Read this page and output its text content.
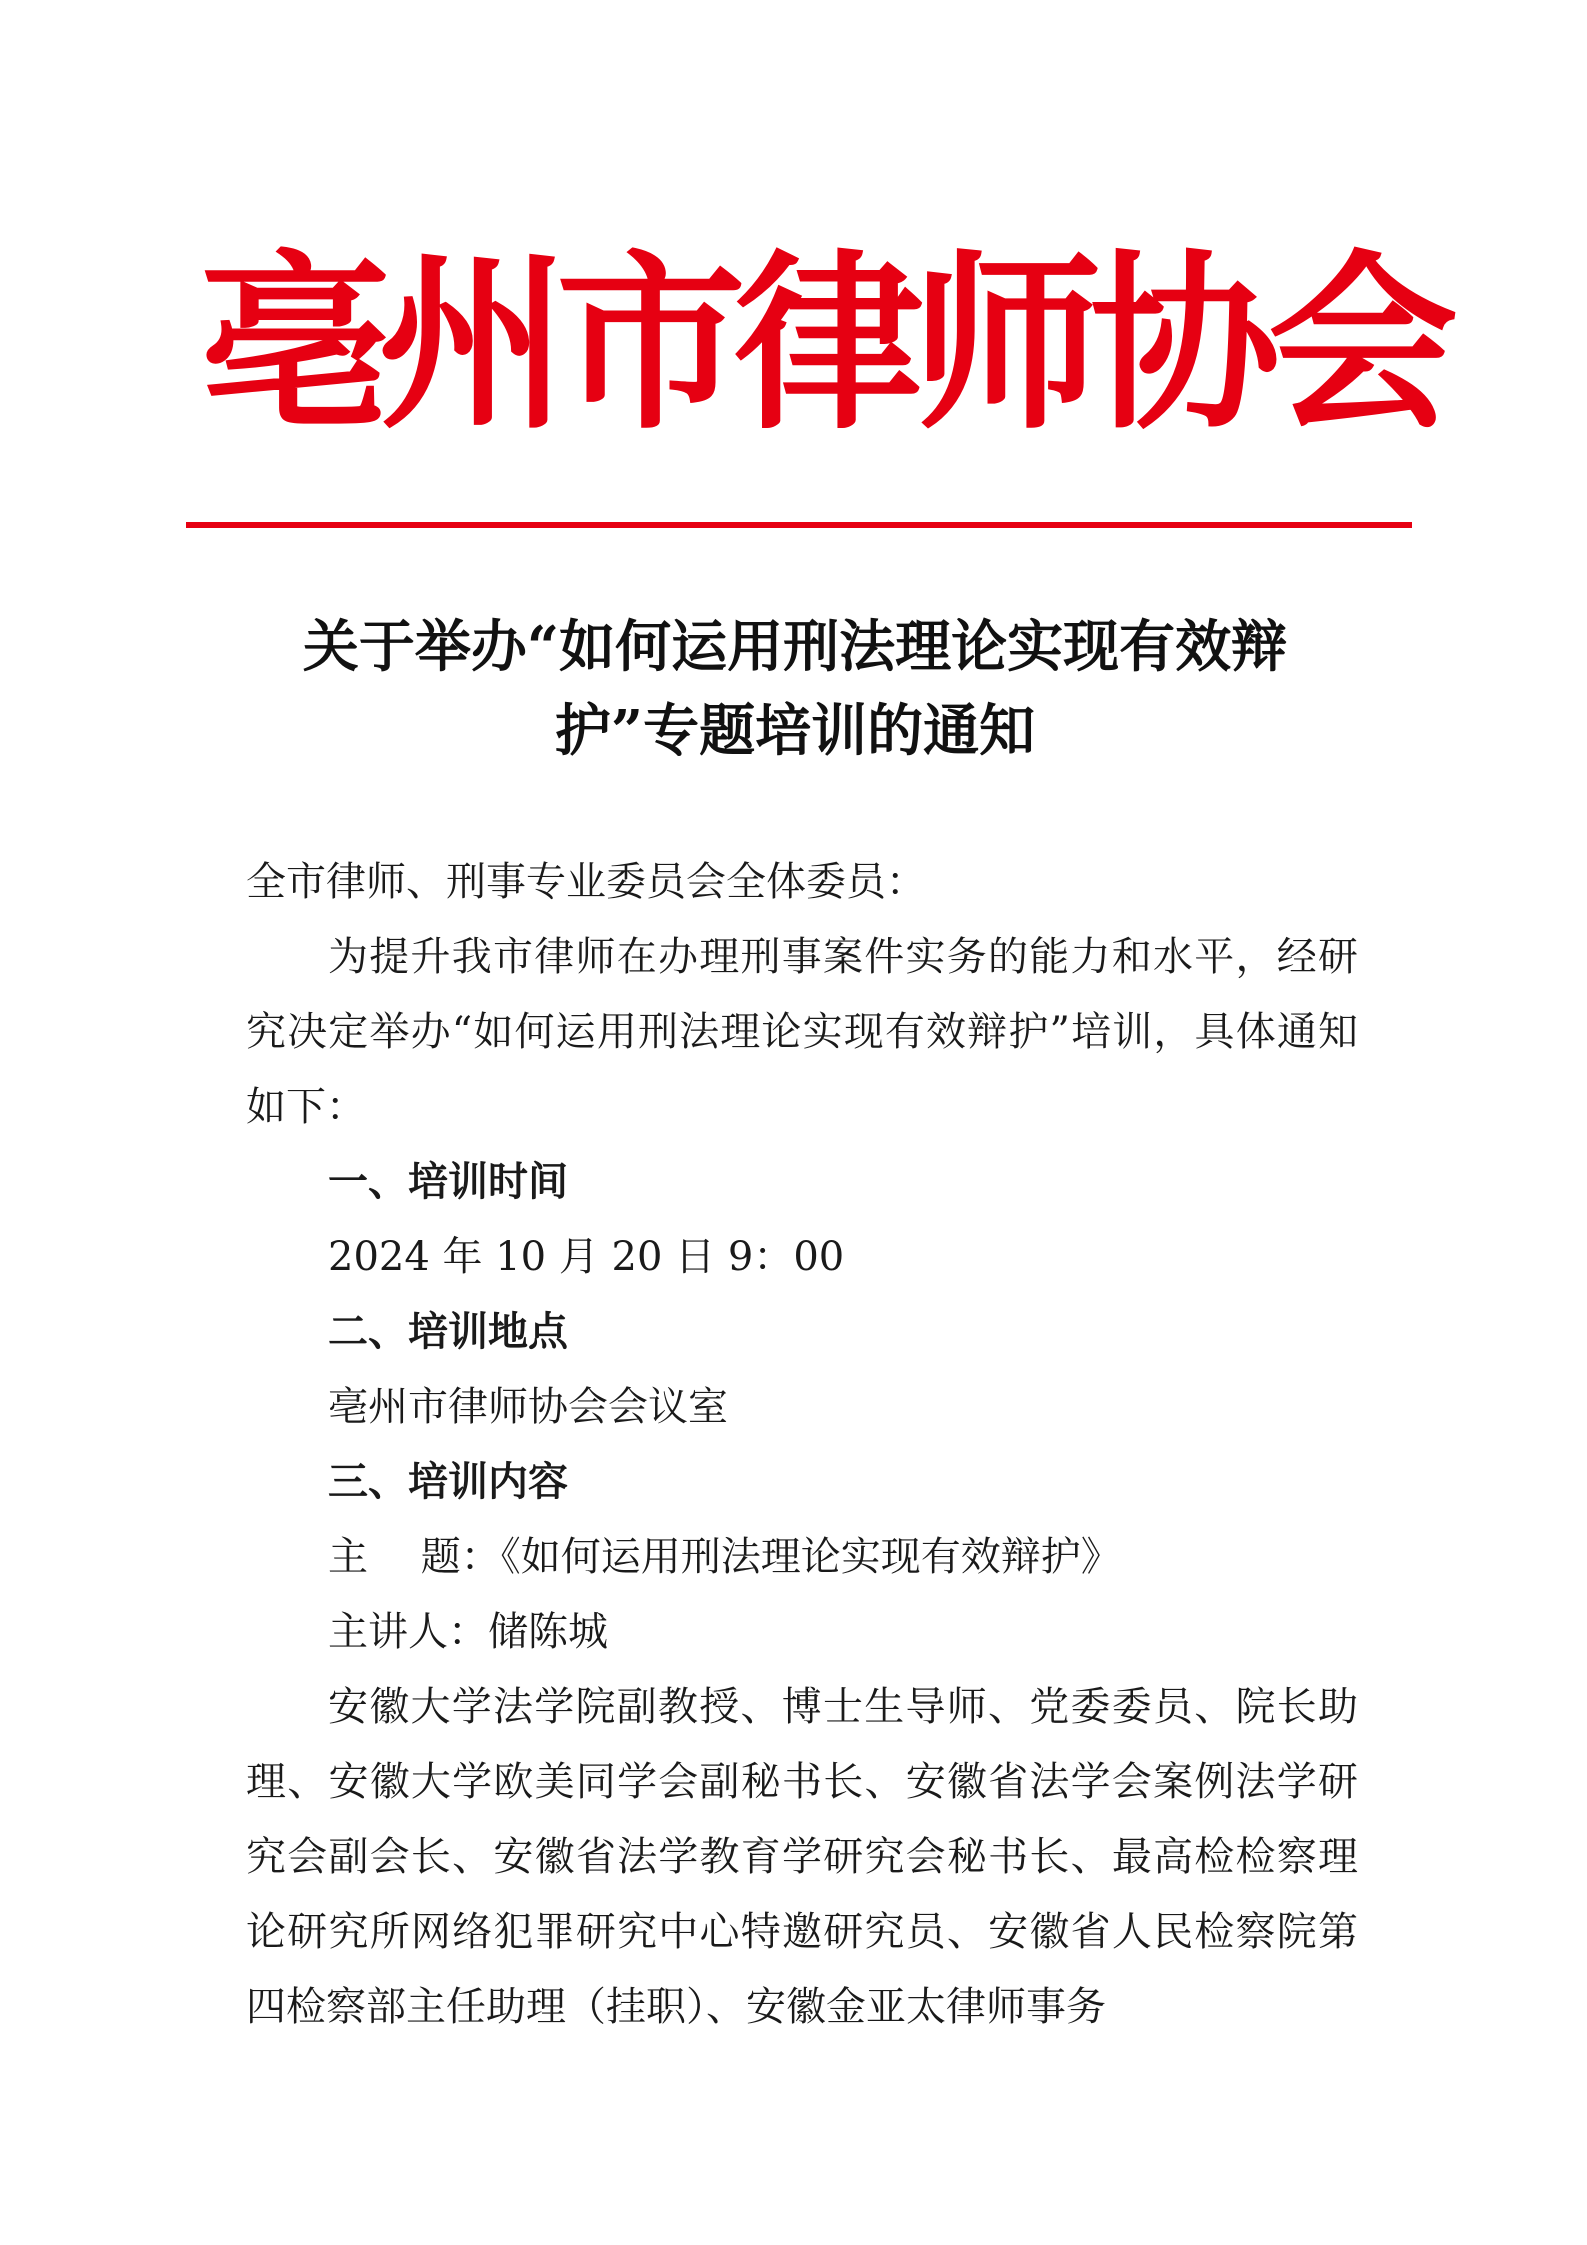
亳州市律师协会
关于举办“如何运用刑法理论实现有效辩护”专题培训的通知

全市律师、刑事专业委员会全体委员：

为提升我市律师在办理刑事案件实务的能力和水平，经研究决定举办“如何运用刑法理论实现有效辩护”培训，具体通知如下：

一、培训时间

2024 年 10 月 20 日 9：00

二、培训地点

亳州市律师协会会议室

三、培训内容

主　 题：《如何运用刑法理论实现有效辩护》

主讲人：储陈城

安徽大学法学院副教授、博士生导师、党委委员、院长助理、安徽大学欧美同学会副秘书长、安徽省法学会案例法学研究会副会长、安徽省法学教育学研究会秘书长、最高检检察理论研究所网络犯罪研究中心特邀研究员、安徽省人民检察院第四检察部主任助理（挂职）、安徽金亚太律师事务
